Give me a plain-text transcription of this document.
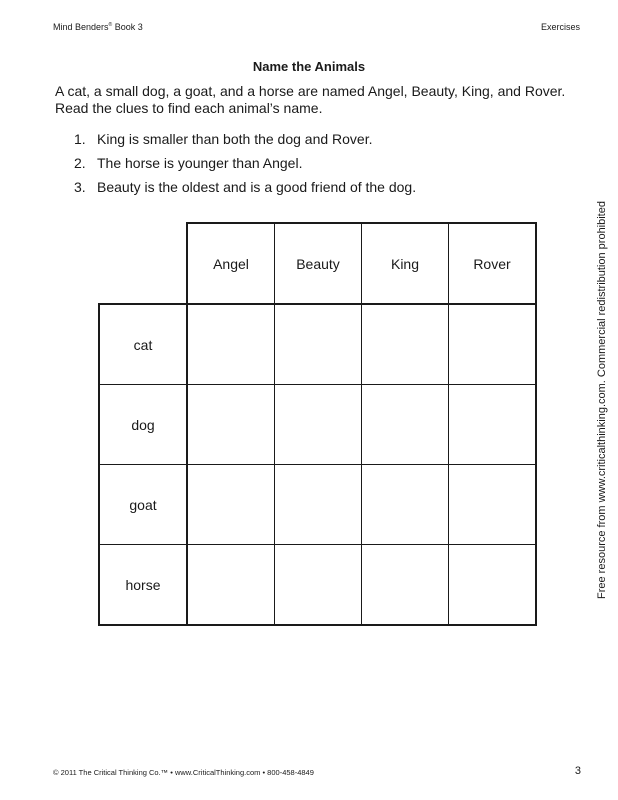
Mind Benders® Book 3	Exercises
Name the Animals
A cat, a small dog, a goat, and a horse are named Angel, Beauty, King, and Rover. Read the clues to find each animal’s name.
1. King is smaller than both the dog and Rover.
2. The horse is younger than Angel.
3. Beauty is the oldest and is a good friend of the dog.
	Angel	Beauty	King	Rover
cat				
dog				
goat				
horse					Free resource from www.criticalthinking.com. Commercial redistribution prohibited
© 2011 The Critical Thinking Co.™ • www.CriticalThinking.com • 800-458-4849	3
